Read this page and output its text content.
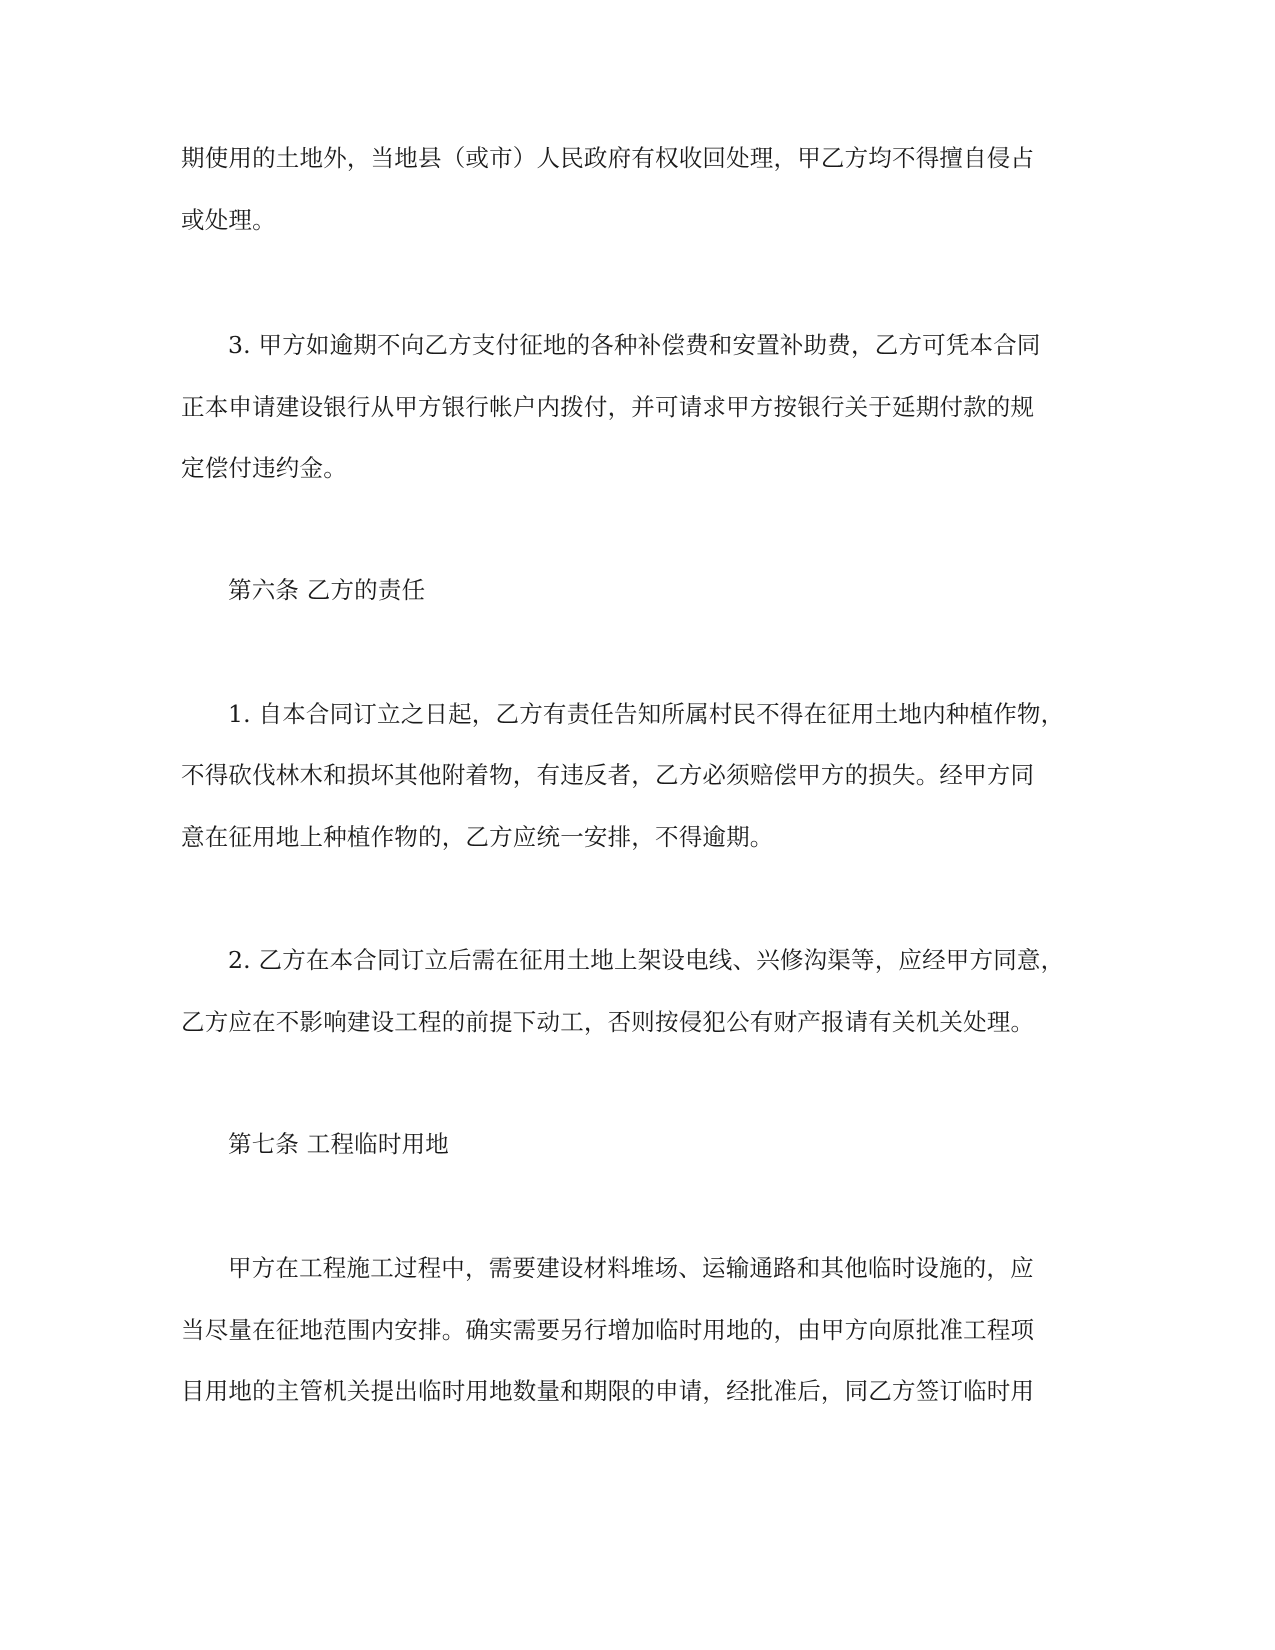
期使用的土地外，当地县（或市）人民政府有权收回处理，甲乙方均不得擅自侵占
或处理。
3. 甲方如逾期不向乙方支付征地的各种补偿费和安置补助费，乙方可凭本合同
正本申请建设银行从甲方银行帐户内拨付，并可请求甲方按银行关于延期付款的规
定偿付违约金。
第六条 乙方的责任
1. 自本合同订立之日起，乙方有责任告知所属村民不得在征用土地内种植作物，
不得砍伐林木和损坏其他附着物，有违反者，乙方必须赔偿甲方的损失。经甲方同
意在征用地上种植作物的，乙方应统一安排，不得逾期。
2. 乙方在本合同订立后需在征用土地上架设电线、兴修沟渠等，应经甲方同意，
乙方应在不影响建设工程的前提下动工，否则按侵犯公有财产报请有关机关处理。
第七条 工程临时用地
甲方在工程施工过程中，需要建设材料堆场、运输通路和其他临时设施的，应
当尽量在征地范围内安排。确实需要另行增加临时用地的，由甲方向原批准工程项
目用地的主管机关提出临时用地数量和期限的申请，经批准后，同乙方签订临时用
